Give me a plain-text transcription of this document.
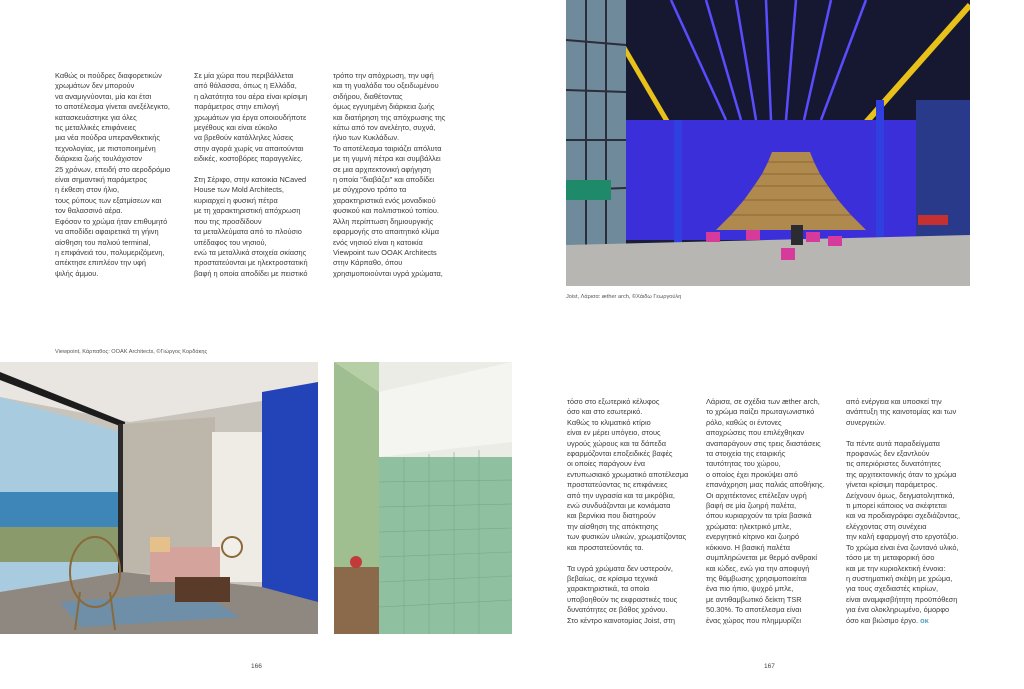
Καθώς οι πούδρες διαφορετικών
χρωμάτων δεν μπορούν
να αναμιγνύονται, μία και έτσι
το αποτέλεσμα γίνεται ανεξέλεγκτο,
κατασκευάστηκε για όλες
τις μεταλλικές επιφάνειες
μια νέα πούδρα υπερανθεκτικής
τεχνολογίας, με πιστοποιημένη
διάρκεια ζωής τουλάχιστον
25 χρόνων, επειδή στο αεροδρόμιο
είναι σημαντική παράμετρος
η έκθεση στον ήλιο,
τους ρύπους των εξατμίσεων και
τον θαλασσινό αέρα.
Εφόσον το χρώμα ήταν επιθυμητό
να αποδίδει αφαιρετικά τη γήινη
αίσθηση του παλιού terminal,
η επιφάνειά του, πολυμεριζόμενη,
απέκτησε επιπλέον την υφή
ψιλής άμμου.
Σε μία χώρα που περιβάλλεται
από θάλασσα, όπως η Ελλάδα,
η αλατότητα του αέρα είναι κρίσιμη
παράμετρος στην επιλογή
χρωμάτων για έργα οποιουδήποτε
μεγέθους και είναι εύκολο
να βρεθούν κατάλληλες λύσεις
στην αγορά χωρίς να απαιτούνται
ειδικές, κοστοβόρες παραγγελίες.

Στη Σέριφο, στην κατοικία NCaved
House των Mold Architects,
κυριαρχεί η φυσική πέτρα
με τη χαρακτηριστική απόχρωση
που της προσδίδουν
τα μεταλλεύματα από το πλούσιο
υπέδαφος του νησιού,
ενώ τα μεταλλικά στοιχεία σκίασης
προστατεύονται με ηλεκτροστατική
βαφή η οποία αποδίδει με πειστικό
τρόπο την απόχρωση, την υφή
και τη γυαλάδα του οξειδωμένου
σιδήρου, διαθέτοντας
όμως εγγυημένη διάρκεια ζωής
και διατήρηση της απόχρωσης της
κάτω από τον ανελέητο, συχνά,
ήλιο των Κυκλάδων.
Το αποτέλεσμα ταιριάζει απόλυτα
με τη γυμνή πέτρα και συμβάλλει
σε μια αρχιτεκτονική αφήγηση
η οποία "διαβάζει" και αποδίδει
με σύγχρονο τρόπο τα
χαρακτηριστικά ενός μοναδικού
φυσικού και πολιτιστικού τοπίου.
Άλλη περίπτωση δημιουργικής
εφαρμογής στο απαιτητικό κλίμα
ενός νησιού είναι η κατοικία
Viewpoint των OOAK Architects
στην Κάρπαθο, όπου
χρησιμοποιούνται υγρά χρώματα,
Joist, Λάρισα: æther arch, ©Χάιδω Γεωργούλη
Viewpoint, Κάρπαθος: OOAK Architects, ©Γιώργος Κορδάκης
τόσο στο εξωτερικό κέλυφος
όσο και στο εσωτερικό.
Καθώς το κλιματικό κτίριο
είναι εν μέρει υπόγειο, στους
υγρούς χώρους και τα δάπεδα
εφαρμόζονται εποξειδικές βαφές
οι οποίες παράγουν ένα
εντυπωσιακό χρωματικό αποτέλεσμα
προστατεύοντας τις επιφάνειες
από την υγρασία και τα μικρόβια,
ενώ συνδυάζονται με κονιάματα
και βερνίκια που διατηρούν
την αίσθηση της απόκτησης
των φυσικών υλικών, χρωματίζοντας
και προστατεύοντάς τα.

Τα υγρά χρώματα δεν υστερούν,
βεβαίως, σε κρίσιμα τεχνικά
χαρακτηριστικά, τα οποία
υποβοηθούν τις εκφραστικές τους
δυνατότητες σε βάθος χρόνου.
Στο κέντρο καινοτομίας Joist, στη
Λάρισα, σε σχέδια των æther arch,
το χρώμα παίζει πρωταγωνιστικό
ρόλο, καθώς οι έντονες
αποχρώσεις που επιλέχθηκαν
αναπαράγουν στις τρεις διαστάσεις
τα στοιχεία της εταιρικής
ταυτότητας του χώρου,
ο οποίος έχει προκύψει από
επανάχρηση μιας παλιάς αποθήκης.
Οι αρχιτέκτονες επέλεξαν υγρή
βαφή σε μία ζωηρή παλέτα,
όπου κυριαρχούν τα τρία βασικά
χρώματα: ηλεκτρικό μπλε,
ενεργητικό κίτρινο και ζωηρό
κόκκινο. Η βασική παλέτα
συμπληρώνεται με θερμό ανθρακί
και ιώδες, ενώ για την αποφυγή
της θάμβωσης χρησιμοποιείται
ένα πιο ήπιο, ψυχρό μπλε,
με αντιθαμβωτικό δείκτη TSR
50.30%. Το αποτέλεσμα είναι
ένας χώρος που πλημμυρίζει
από ενέργεια και υποσκεί την
ανάπτυξη της καινοτομίας και των
συνεργειών.

Τα πέντε αυτά παραδείγματα
προφανώς δεν εξαντλούν
τις απεριόριστες δυνατότητες
της αρχιτεκτονικής όταν το χρώμα
γίνεται κρίσιμη παράμετρος.
Δείχνουν όμως, δειγματοληπτικά,
τι μπορεί κάποιος να σκέφτεται
και να προδιαγράφει σχεδιάζοντας,
ελέγχοντας στη συνέχεια
την καλή εφαρμογή στο εργοτάξιο.
Το χρώμα είναι ένα ζωντανό υλικό,
τόσο με τη μεταφορική όσο
και με την κυριολεκτική έννοια:
η συστηματική σκέψη με χρώμα,
για τους σχεδιαστές κτιρίων,
είναι αναμφισβήτητη προϋπόθεση
για ένα ολοκληρωμένο, όμορφο
όσο και βιώσιμο έργο. οκ
166	167
